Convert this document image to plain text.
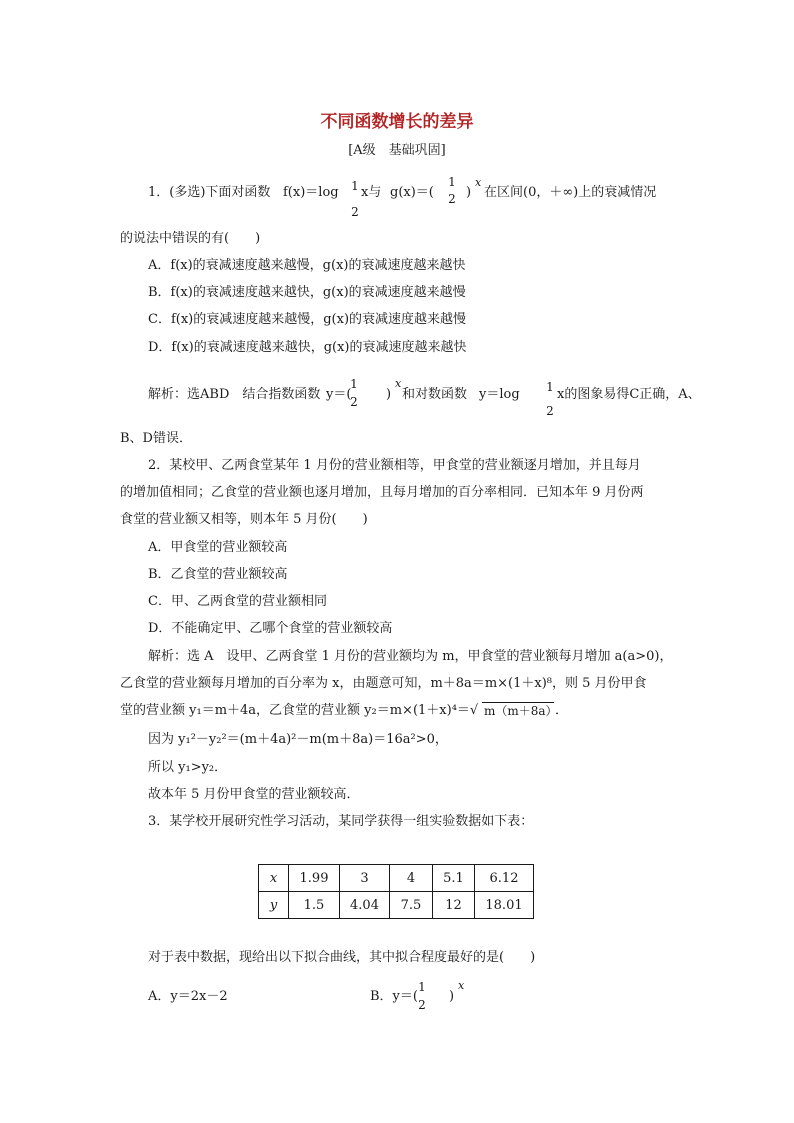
不同函数增长的差异
[A级　基础巩固]
1．(多选)下面对函数 f(x)＝log 1
2
x与 g(x)＝(
1
2 )
x
在区间(0，＋∞)上的衰减情况
的说法中错误的有(　　)
A．f(x)的衰减速度越来越慢，g(x)的衰减速度越来越快
B．f(x)的衰减速度越来越快，g(x)的衰减速度越来越慢
C．f(x)的衰减速度越来越慢，g(x)的衰减速度越来越慢
D．f(x)的衰减速度越来越快，g(x)的衰减速度越来越快
解析：选ABD　结合指数函数 y＝(
1
2 )
x
和对数函数 y＝log 1
2
x的图象易得C正确，A、
B、D错误．
2．某校甲、乙两食堂某年 1 月份的营业额相等，甲食堂的营业额逐月增加，并且每月
的增加值相同；乙食堂的营业额也逐月增加，且每月增加的百分率相同．已知本年 9 月份两
食堂的营业额又相等，则本年 5 月份(　　)
A．甲食堂的营业额较高
B．乙食堂的营业额较高
C．甲、乙两食堂的营业额相同
D．不能确定甲、乙哪个食堂的营业额较高
解析：选 A　设甲、乙两食堂 1 月份的营业额均为 m，甲食堂的营业额每月增加 a(a>0)，
乙食堂的营业额每月增加的百分率为 x，由题意可知，m＋8a＝m×(1＋x)⁸，则 5 月份甲食
堂的营业额 y₁＝m＋4a，乙食堂的营业额 y₂＝m×(1＋x)⁴＝√ m（m＋8a）
．
因为 y₁²－y₂²＝(m＋4a)²－m(m＋8a)＝16a²>0，
所以 y₁>y₂．
故本年 5 月份甲食堂的营业额较高．
3．某学校开展研究性学习活动，某同学获得一组实验数据如下表：
x	1.99	3	4	5.1	6.12
y	1.5	4.04	7.5	12	18.01
对于表中数据，现给出以下拟合曲线，其中拟合程度最好的是(　　)
A．y＝2x－2	B．y＝(
1
2
)
x
